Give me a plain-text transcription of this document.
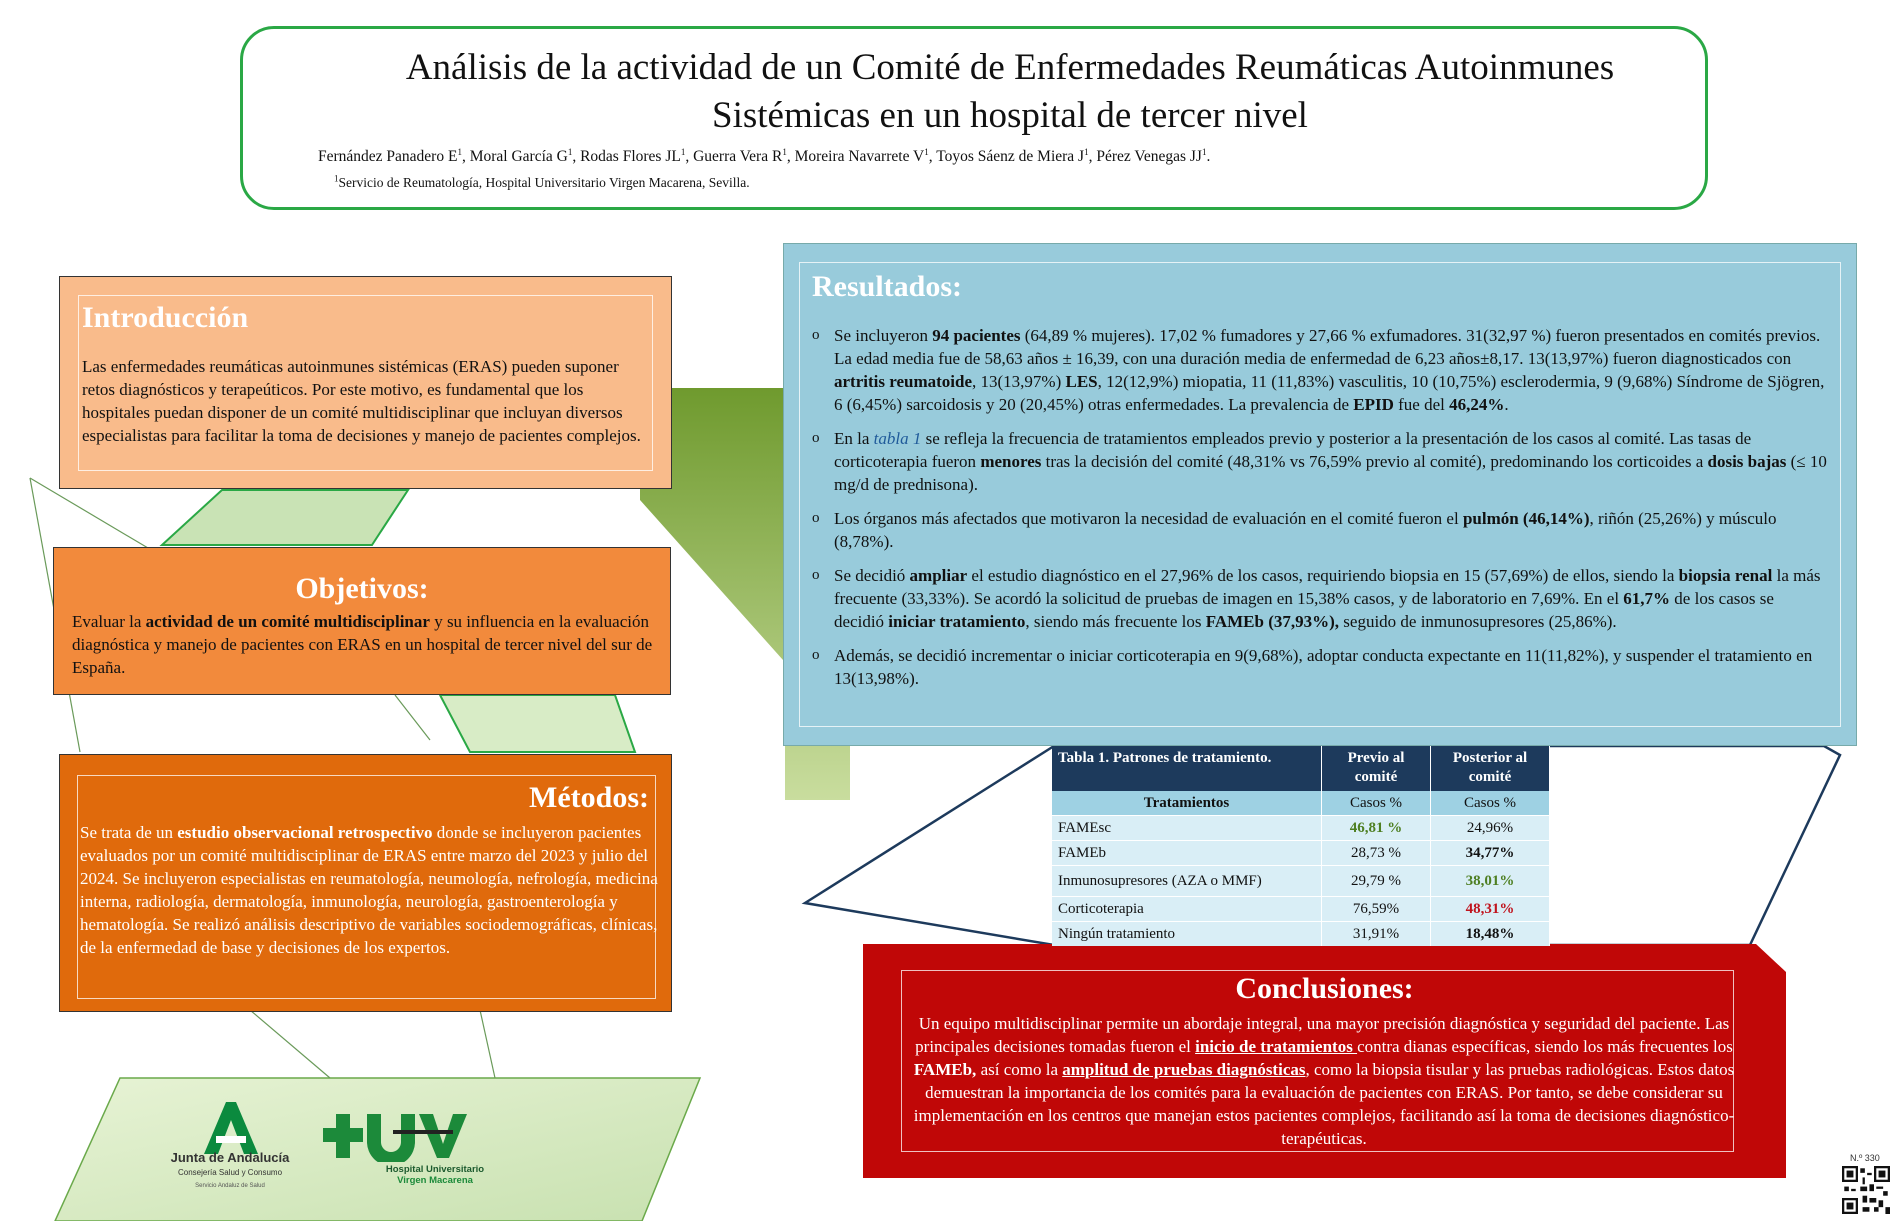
Análisis de la actividad de un Comité de Enfermedades Reumáticas Autoinmunes
Sistémicas en un hospital de tercer nivel
Fernández Panadero $E^1$, Moral García $G^1$, Rodas Flores $JL^1$, Guerra Vera $R^1$, Moreira Navarrete $V^1$, Toyos Sáenz de Miera $J^1$, Pérez Venegas $JJ^1$.
$^1$Servicio de Reumatología, Hospital Universitario Virgen Macarena, Sevilla.
Introducción

Las enfermedades reumáticas autoinmunes sistémicas (ERAS) pueden suponer retos diagnósticos y terapeúticos. Por este motivo, es fundamental que los hospitales puedan disponer de un comité multidisciplinar que incluyan diversos especialistas para facilitar la toma de decisiones y manejo de pacientes complejos.

Objetivos:

Evaluar la actividad de un comité multidisciplinar y su influencia en la evaluación diagnóstica y manejo de pacientes con ERAS en un hospital de tercer nivel del sur de España.

Métodos:

Se trata de un estudio observacional retrospectivo donde se incluyeron pacientes evaluados por un comité multidisciplinar de ERAS entre marzo del 2023 y julio del 2024. Se incluyeron especialistas en reumatología, neumología, nefrología, medicina interna, radiología, dermatología, inmunología, neurología, gastroenterología y hematología. Se realizó análisis descriptivo de variables sociodemográficas, clínicas, de la enfermedad de base y decisiones de los expertos.

Resultados:
o Se incluyeron 94 pacientes (64,89 % mujeres). 17,02 % fumadores y 27,66 % exfumadores. 31(32,97 %) fueron presentados en comités previos. La edad media fue de 58,63 años ± 16,39, con una duración media de enfermedad de 6,23 años±8,17. 13(13,97%) fueron diagnosticados con artritis reumatoide, 13(13,97%) LES, 12(12,9%) miopatia, 11 (11,83%) vasculitis, 10 (10,75%) esclerodermia, 9 (9,68%) Síndrome de Sjögren, 6 (6,45%) sarcoidosis y 20 (20,45%) otras enfermedades. La prevalencia de EPID fue del 46,24%.
o En la tabla 1 se refleja la frecuencia de tratamientos empleados previo y posterior a la presentación de los casos al comité. Las tasas de corticoterapia fueron menores tras la decisión del comité (48,31% vs 76,59% previo al comité), predominando los corticoides a dosis bajas (≤ 10 mg/d de prednisona).
o Los órganos más afectados que motivaron la necesidad de evaluación en el comité fueron el pulmón (46,14%), riñón (25,26%) y músculo (8,78%).
o Se decidió ampliar el estudio diagnóstico en el 27,96% de los casos, requiriendo biopsia en 15 (57,69%) de ellos, siendo la biopsia renal la más frecuente (33,33%). Se acordó la solicitud de pruebas de imagen en 15,38% casos, y de laboratorio en 7,69%. En el 61,7% de los casos se decidió iniciar tratamiento, siendo más frecuente los FAMEb (37,93%), seguido de inmunosupresores (25,86%).
o Además, se decidió incrementar o iniciar corticoterapia en 9(9,68%), adoptar conducta expectante en 11(11,82%), y suspender el tratamiento en 13(13,98%).
Tabla 1. Patrones de tratamiento.	Previo al comité	Posterior al comité
Tratamientos	Casos %	Casos %
FAMEsc	46,81 %	24,96%
FAMEb	28,73 %	34,77%
Inmunosupresores (AZA o MMF)	29,79 %	38,01%
Corticoterapia	76,59%	48,31%
Ningún tratamiento	31,91%	18,48%
Conclusiones:

Un equipo multidisciplinar permite un abordaje integral, una mayor precisión diagnóstica y seguridad del paciente. Las principales decisiones tomadas fueron el inicio de tratamientos contra dianas específicas, siendo los más frecuentes los FAMEb, así como la amplitud de pruebas diagnósticas, como la biopsia tisular y las pruebas radiológicas. Estos datos demuestran la importancia de los comités para la evaluación de pacientes con ERAS. Por tanto, se debe considerar su implementación en los centros que manejan estos pacientes complejos, facilitando así la toma de decisiones diagnóstico-terapéuticas.

Junta de Andalucía
Consejería Salud y Consumo
Servicio Andaluz de Salud
Hospital Universitario
Virgen Macarena
N.º 330
